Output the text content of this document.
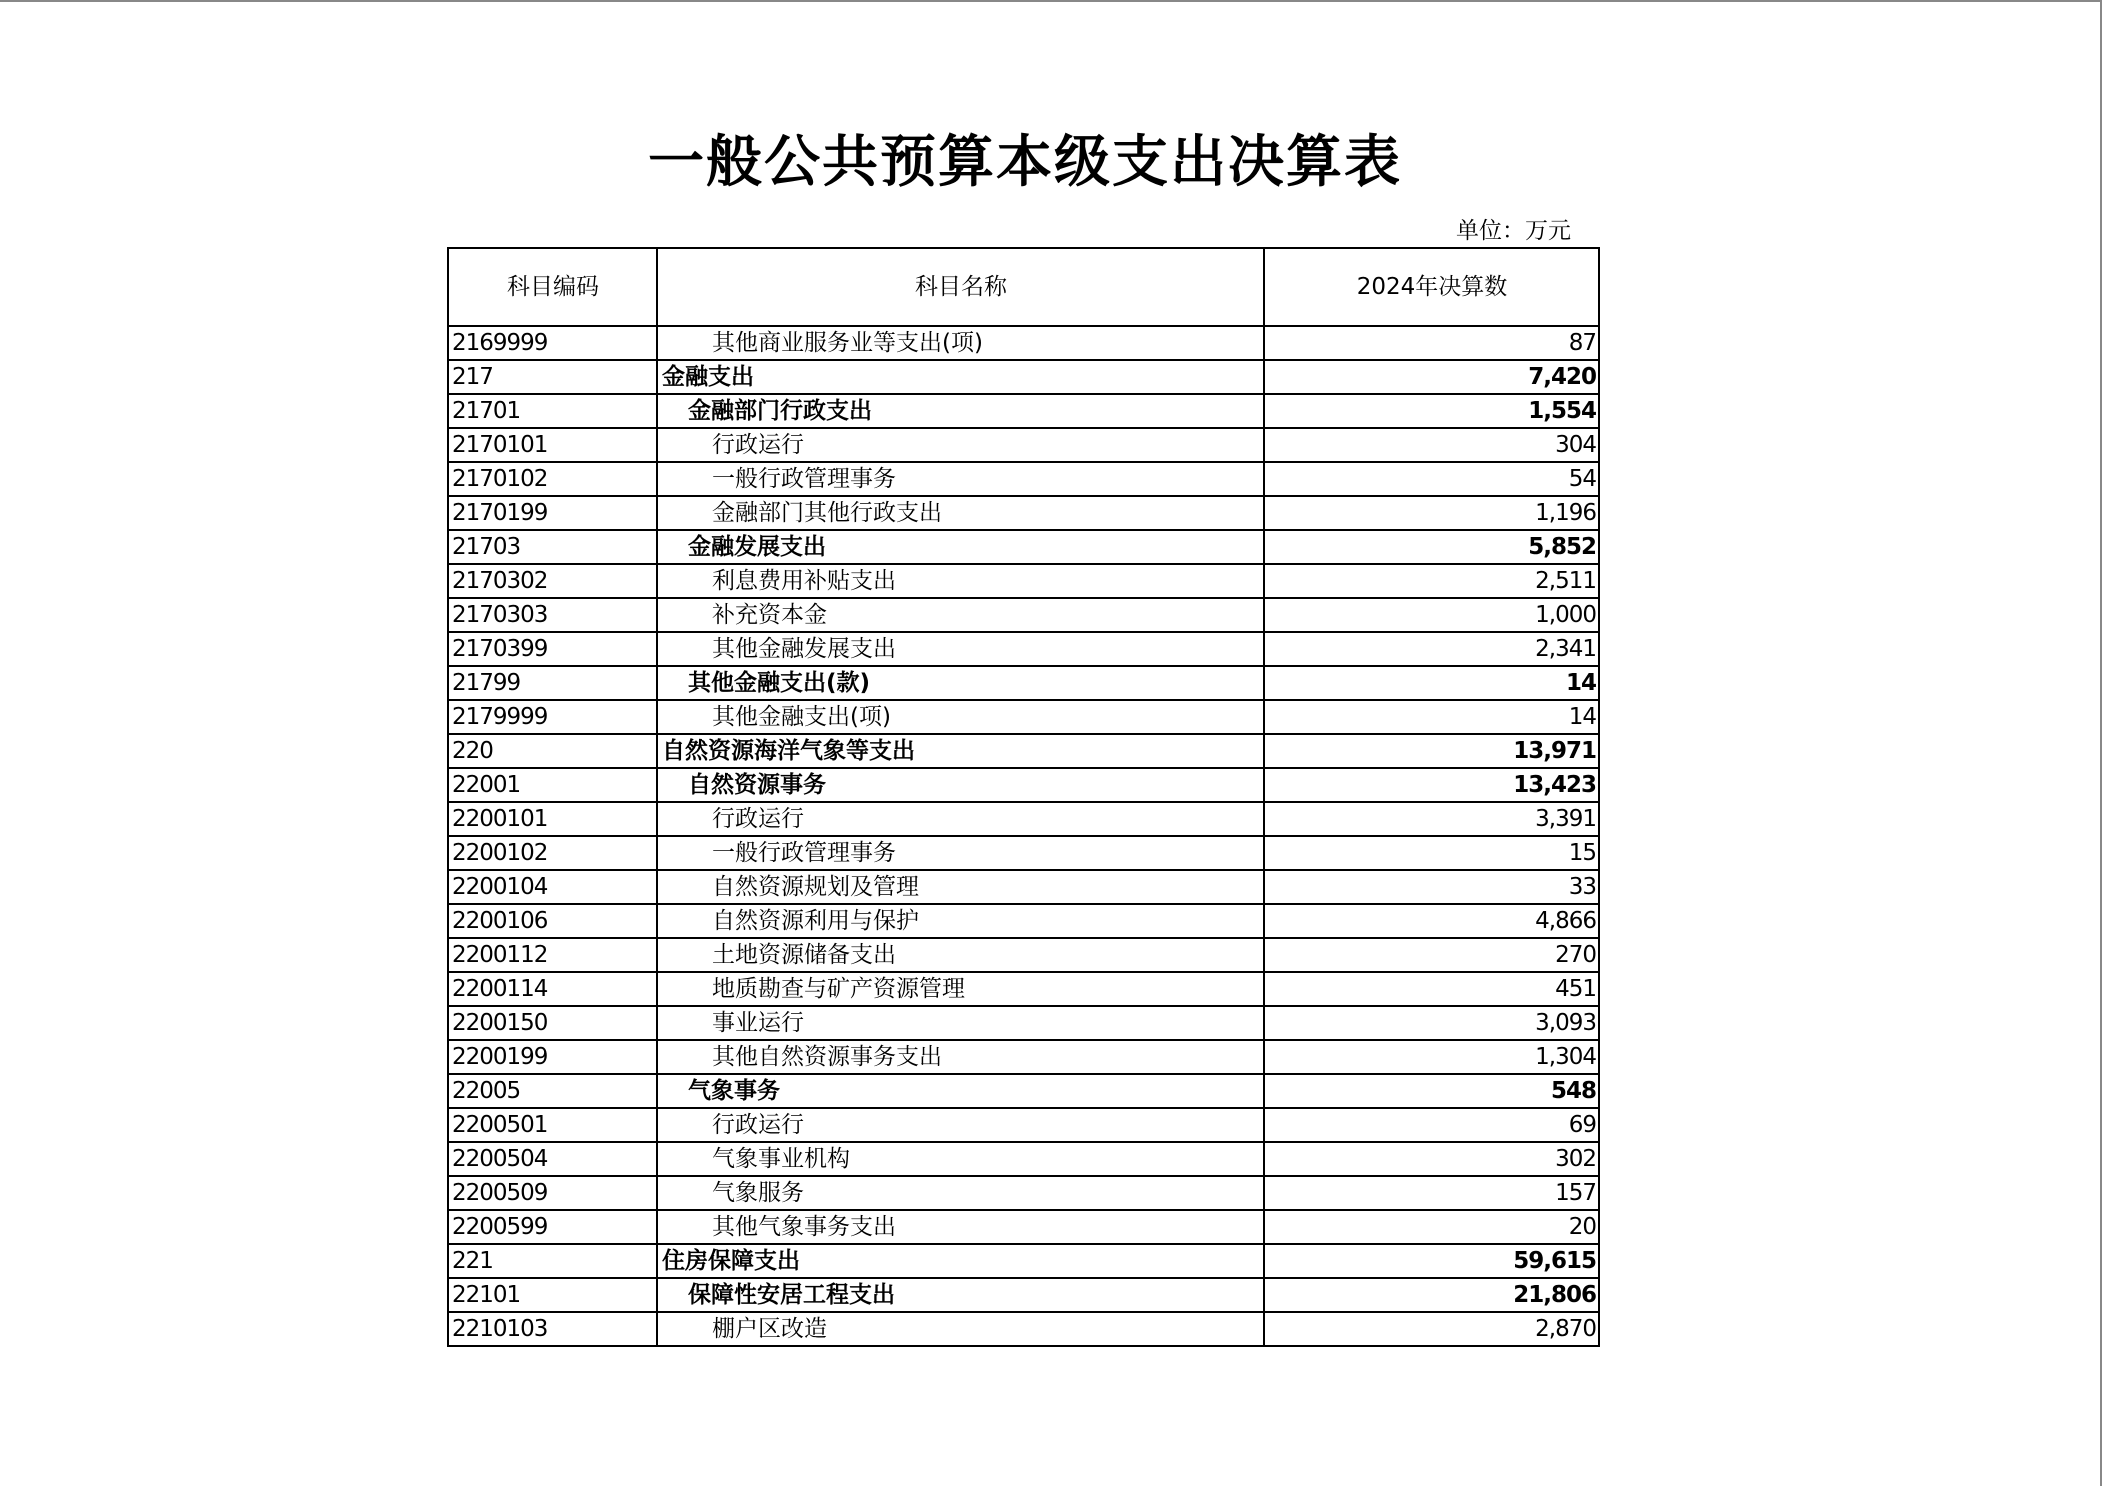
一般公共预算本级支出决算表
单位：万元
科目编码	科目名称	2024年决算数
2169999	其他商业服务业等支出(项)	87
217	金融支出	7,420
21701	金融部门行政支出	1,554
2170101	行政运行	304
2170102	一般行政管理事务	54
2170199	金融部门其他行政支出	1,196
21703	金融发展支出	5,852
2170302	利息费用补贴支出	2,511
2170303	补充资本金	1,000
2170399	其他金融发展支出	2,341
21799	其他金融支出(款)	14
2179999	其他金融支出(项)	14
220	自然资源海洋气象等支出	13,971
22001	自然资源事务	13,423
2200101	行政运行	3,391
2200102	一般行政管理事务	15
2200104	自然资源规划及管理	33
2200106	自然资源利用与保护	4,866
2200112	土地资源储备支出	270
2200114	地质勘查与矿产资源管理	451
2200150	事业运行	3,093
2200199	其他自然资源事务支出	1,304
22005	气象事务	548
2200501	行政运行	69
2200504	气象事业机构	302
2200509	气象服务	157
2200599	其他气象事务支出	20
221	住房保障支出	59,615
22101	保障性安居工程支出	21,806
2210103	棚户区改造	2,870
